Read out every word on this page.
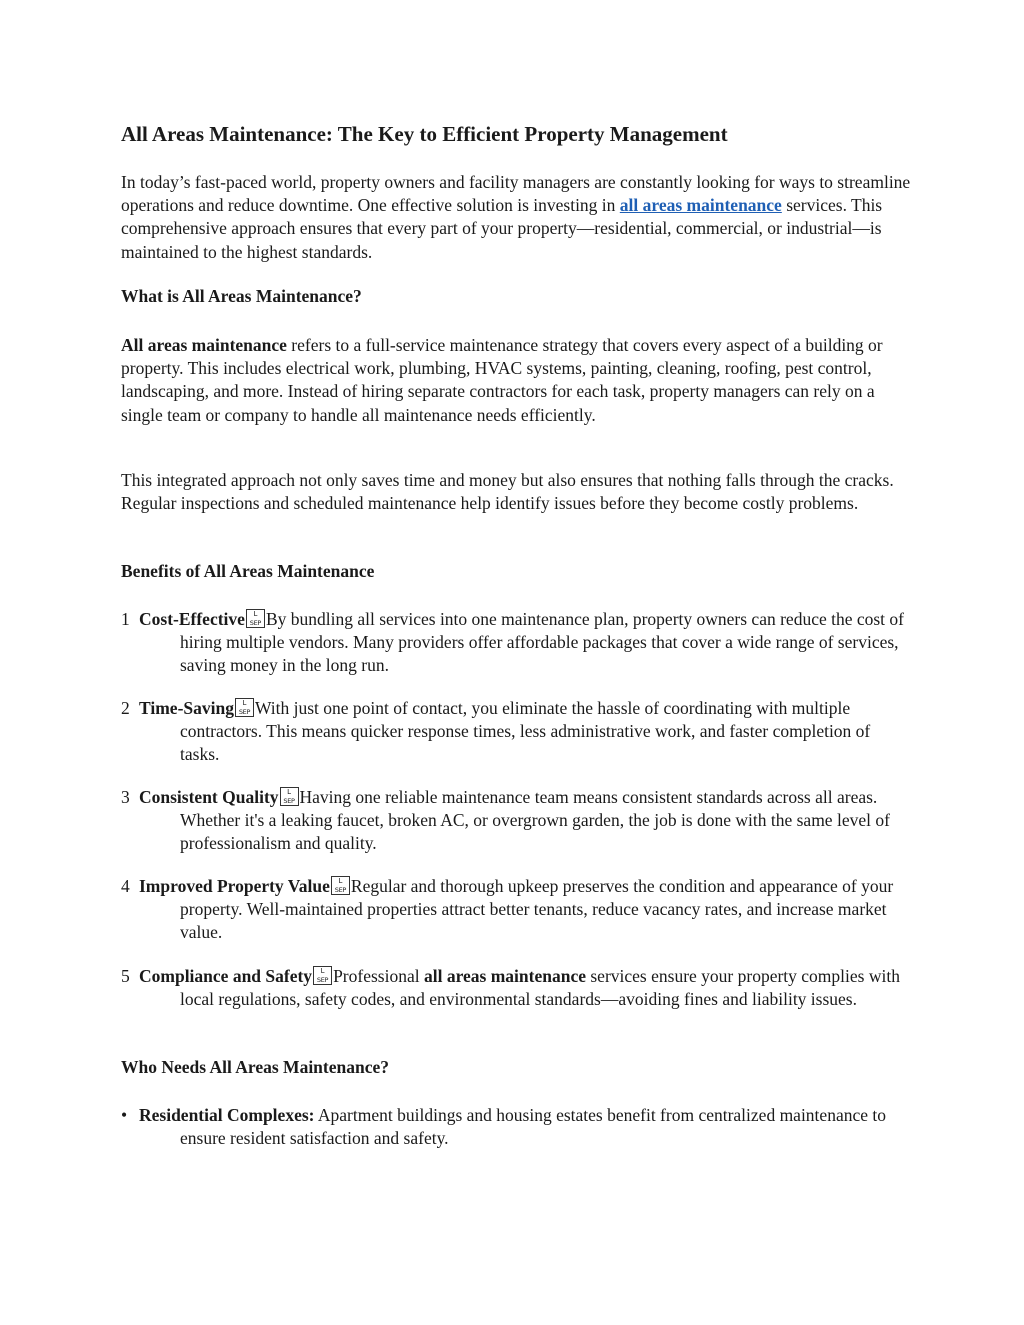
All Areas Maintenance: The Key to Efficient Property Management

In today’s fast-paced world, property owners and facility managers are constantly looking for ways to streamline operations and reduce downtime. One effective solution is investing in all areas maintenance services. This comprehensive approach ensures that every part of your property—residential, commercial, or industrial—is maintained to the highest standards.

What is All Areas Maintenance?

All areas maintenance refers to a full-service maintenance strategy that covers every aspect of a building or property. This includes electrical work, plumbing, HVAC systems, painting, cleaning, roofing, pest control, landscaping, and more. Instead of hiring separate contractors for each task, property managers can rely on a single team or company to handle all maintenance needs efficiently.

This integrated approach not only saves time and money but also ensures that nothing falls through the cracks. Regular inspections and scheduled maintenance help identify issues before they become costly problems.

Benefits of All Areas Maintenance
1 Cost-Effective	L
SEP By bundling all services into one maintenance plan, property owners can reduce the cost of hiring multiple vendors. Many providers offer affordable packages that cover a wide range of services, saving money in the long run.
2 Time-Saving	L
SEP With just one point of contact, you eliminate the hassle of coordinating with multiple contractors. This means quicker response times, less administrative work, and faster completion of tasks.
3 Consistent Quality	L
SEP Having one reliable maintenance team means consistent standards across all areas. Whether it's a leaking faucet, broken AC, or overgrown garden, the job is done with the same level of professionalism and quality.
4 Improved Property Value	L
SEP Regular and thorough upkeep preserves the condition and appearance of your property. Well-maintained properties attract better tenants, reduce vacancy rates, and increase market value.
5 Compliance and Safety	L
SEP Professional all areas maintenance services ensure your property complies with local regulations, safety codes, and environmental standards—avoiding fines and liability issues.
Who Needs All Areas Maintenance?
• Residential Complexes: Apartment buildings and housing estates benefit from centralized maintenance to ensure resident satisfaction and safety.
